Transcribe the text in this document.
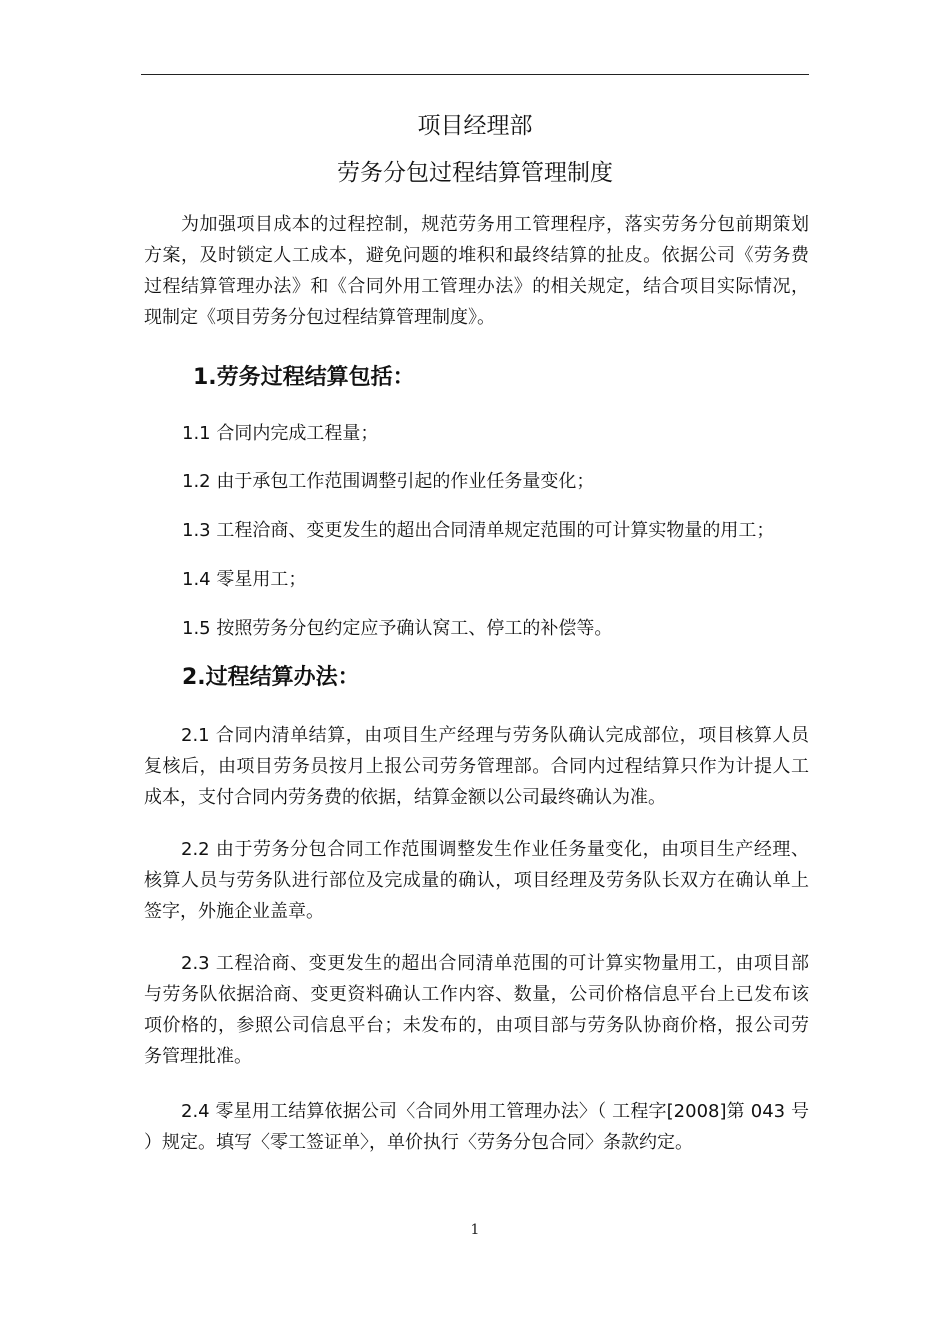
项目经理部
劳务分包过程结算管理制度

为加强项目成本的过程控制，规范劳务用工管理程序，落实劳务分包前期策划方案，及时锁定人工成本，避免问题的堆积和最终结算的扯皮。依据公司《劳务费过程结算管理办法》和《合同外用工管理办法》的相关规定，结合项目实际情况，现制定《项目劳务分包过程结算管理制度》。

1.劳务过程结算包括：
1.1 合同内完成工程量；
1.2 由于承包工作范围调整引起的作业任务量变化；
1.3 工程洽商、变更发生的超出合同清单规定范围的可计算实物量的用工；
1.4 零星用工；
1.5 按照劳务分包约定应予确认窝工、停工的补偿等。
2.过程结算办法：

2.1 合同内清单结算，由项目生产经理与劳务队确认完成部位，项目核算人员复核后，由项目劳务员按月上报公司劳务管理部。合同内过程结算只作为计提人工成本，支付合同内劳务费的依据，结算金额以公司最终确认为准。

2.2 由于劳务分包合同工作范围调整发生作业任务量变化，由项目生产经理、核算人员与劳务队进行部位及完成量的确认，项目经理及劳务队长双方在确认单上签字，外施企业盖章。

2.3 工程洽商、变更发生的超出合同清单范围的可计算实物量用工，由项目部与劳务队依据洽商、变更资料确认工作内容、数量，公司价格信息平台上已发布该项价格的，参照公司信息平台；未发布的，由项目部与劳务队协商价格，报公司劳务管理批准。

2.4 零星用工结算依据公司〈合同外用工管理办法〉（ 工程字[2008]第 043 号 ）规定。填写〈零工签证单〉，单价执行〈劳务分包合同〉条款约定。

1
